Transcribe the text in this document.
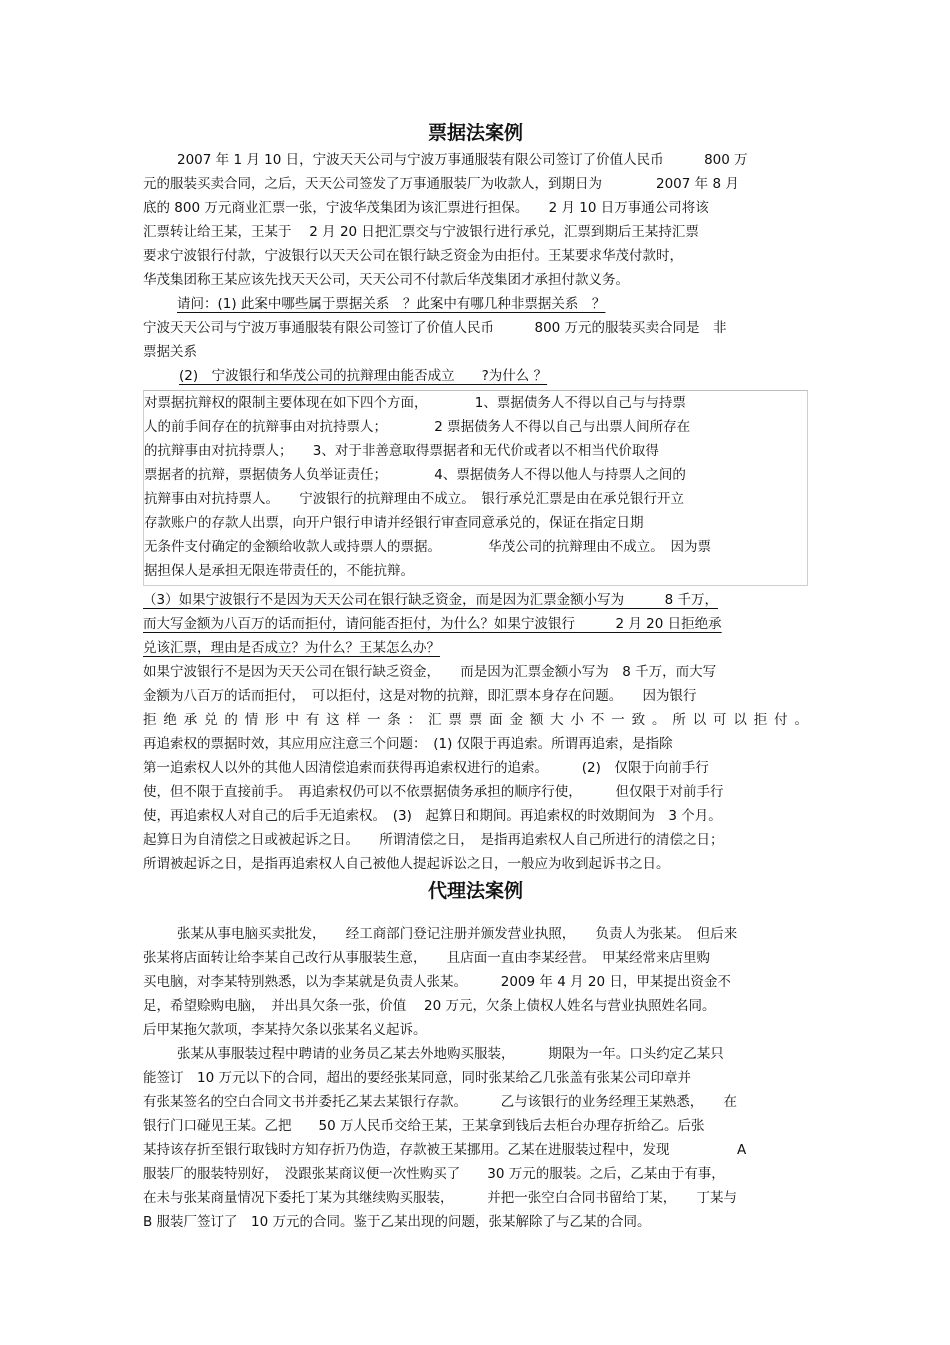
票据法案例

2007 年 1 月 10 日，宁波天天公司与宁波万事通服装有限公司签订了价值人民币　　　800 万

元的服装买卖合同，之后，天天公司签发了万事通服装厂为收款人，到期日为　　　　2007 年 8 月

底的 800 万元商业汇票一张，宁波华茂集团为该汇票进行担保。　　2 月 10 日万事通公司将该

汇票转让给王某，王某于　 2 月 20 日把汇票交与宁波银行进行承兑，汇票到期后王某持汇票

要求宁波银行付款，宁波银行以天天公司在银行缺乏资金为由拒付。王某要求华茂付款时，

华茂集团称王某应该先找天天公司，天天公司不付款后华茂集团才承担付款义务。

请问：(1) 此案中哪些属于票据关系　？此案中有哪几种非票据关系　？

宁波天天公司与宁波万事通服装有限公司签订了价值人民币　　　800 万元的服装买卖合同是　非

票据关系

(2)　宁波银行和华茂公司的抗辩理由能否成立　　?为什么 ？

对票据抗辩权的限制主要体现在如下四个方面，　　　　1、票据债务人不得以自己与与持票

人的前手间存在的抗辩事由对抗持票人；　　　　2 票据债务人不得以自己与出票人间所存在

的抗辩事由对抗持票人；　　3、对于非善意取得票据者和无代价或者以不相当代价取得

票据者的抗辩，票据债务人负举证责任；　　　　4、票据债务人不得以他人与持票人之间的

抗辩事由对抗持票人。　　宁波银行的抗辩理由不成立。　银行承兑汇票是由在承兑银行开立

存款账户的存款人出票，向开户银行申请并经银行审查同意承兑的，保证在指定日期

无条件支付确定的金额给收款人或持票人的票据。　　　　华茂公司的抗辩理由不成立。　因为票

据担保人是承担无限连带责任的，不能抗辩。

（3）如果宁波银行不是因为天天公司在银行缺乏资金，而是因为汇票金额小写为　　　8 千万，

而大写金额为八百万的话而拒付，请问能否拒付，为什么？如果宁波银行　　　2 月 20 日拒绝承

兑该汇票，理由是否成立？为什么？王某怎么办？

如果宁波银行不是因为天天公司在银行缺乏资金，　　而是因为汇票金额小写为　8 千万，而大写

金额为八百万的话而拒付，　可以拒付，这是对物的抗辩，即汇票本身存在问题。　　因为银行

拒绝承兑的情形中有这样一条：汇票票面金额大小不一致。所以可以拒付。

再追索权的票据时效，其应用应注意三个问题：　(1) 仅限于再追索。所谓再追索，是指除

第一追索权人以外的其他人因清偿追索而获得再追索权进行的追索。　　　(2)　仅限于向前手行

使，但不限于直接前手。　再追索权仍可以不依票据债务承担的顺序行使，　　　但仅限于对前手行

使，再追索权人对自己的后手无追索权。　(3)　起算日和期间。再追索权的时效期间为　3 个月。

起算日为自清偿之日或被起诉之日。　　所谓清偿之日，　是指再追索权人自己所进行的清偿之日；

所谓被起诉之日，是指再追索权人自己被他人提起诉讼之日，一般应为收到起诉书之日。

代理法案例

张某从事电脑买卖批发，　　经工商部门登记注册并颁发营业执照，　　负责人为张某。　但后来

张某将店面转让给李某自己改行从事服装生意，　　且店面一直由李某经营。　甲某经常来店里购

买电脑，对李某特别熟悉，以为李某就是负责人张某。　　　2009 年 4 月 20 日，甲某提出资金不

足，希望赊购电脑，　并出具欠条一张，价值　 20 万元，欠条上债权人姓名与营业执照姓名同。

后甲某拖欠款项，李某持欠条以张某名义起诉。

张某从事服装过程中聘请的业务员乙某去外地购买服装，　　　期限为一年。口头约定乙某只

能签订　10 万元以下的合同，超出的要经张某同意，同时张某给乙几张盖有张某公司印章并

有张某签名的空白合同文书并委托乙某去某银行存款。　　　乙与该银行的业务经理王某熟悉，　　在

银行门口碰见王某。乙把　　50 万人民币交给王某，王某拿到钱后去柜台办理存折给乙。后张

某持该存折至银行取钱时方知存折乃伪造，存款被王某挪用。乙某在进服装过程中，发现　　　　　A

服装厂的服装特别好，　没跟张某商议便一次性购买了　　30 万元的服装。之后，乙某由于有事，

在未与张某商量情况下委托丁某为其继续购买服装，　　　并把一张空白合同书留给丁某，　　丁某与

B 服装厂签订了　10 万元的合同。鉴于乙某出现的问题，张某解除了与乙某的合同。
